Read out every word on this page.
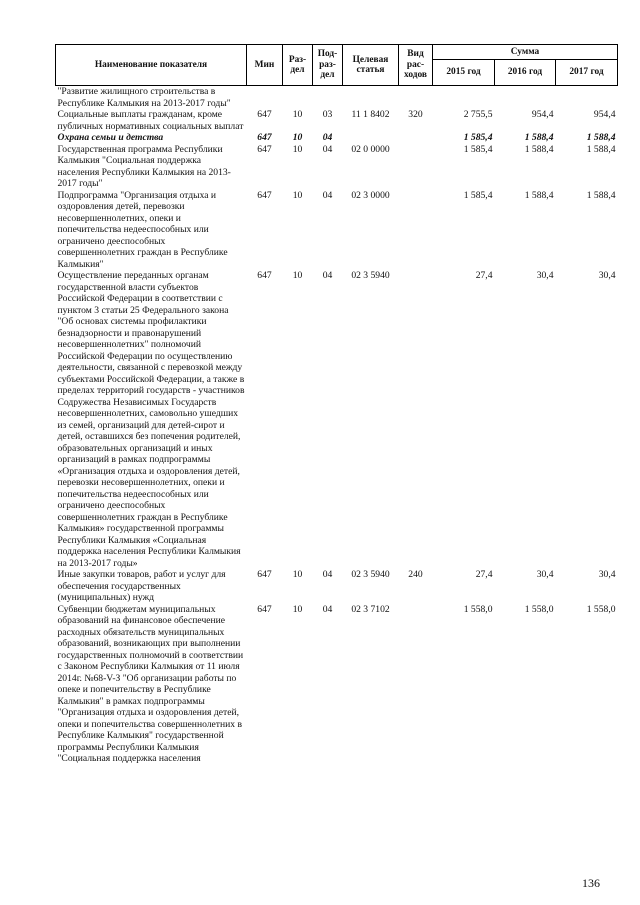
Наименование показателя	Мин	Раз-
дел	Под-
раз-
дел	Целевая
статья	Вид
рас-
ходов	Сумма		
						2015 год	2016 год	2017 год
"Развитие жилищного строительства в Республике Калмыкия на 2013-2017 годы"								
Социальные выплаты гражданам, кроме публичных нормативных социальных выплат	647	10	03	11 1 8402	320	2 755,5	954,4	954,4
Охрана семьи и детства	647	10	04			1 585,4	1 588,4	1 588,4
Государственная программа Республики Калмыкия "Социальная поддержка населения Республики Калмыкия на 2013-2017 годы"	647	10	04	02 0 0000		1 585,4	1 588,4	1 588,4
Подпрограмма "Организация отдыха и оздоровления детей, перевозки несовершеннолетних, опеки и попечительства недееспособных или ограничено дееспособных совершеннолетних граждан в Республике Калмыкия"	647	10	04	02 3 0000		1 585,4	1 588,4	1 588,4
Осуществление переданных органам государственной власти субъектов Российской Федерации в соответствии с пунктом 3 статьи 25 Федерального закона "Об основах системы профилактики безнадзорности и правонарушений несовершеннолетних" полномочий Российской Федерации по осуществлению деятельности, связанной с перевозкой между субъектами Российской Федерации, а также в пределах территорий государств - участников Содружества Независимых Государств несовершеннолетних, самовольно ушедших из семей, организаций для детей-сирот и детей, оставшихся без попечения родителей, образовательных организаций и иных организаций в рамках подпрограммы «Организация отдыха и оздоровления детей, перевозки несовершеннолетних, опеки и попечительства недееспособных или ограничено дееспособных совершеннолетних граждан в Республике Калмыкия» государственной программы Республики Калмыкия «Социальная поддержка населения Республики Калмыкия на 2013-2017 годы»	647	10	04	02 3 5940		27,4	30,4	30,4
Иные закупки товаров, работ и услуг для обеспечения государственных (муниципальных) нужд	647	10	04	02 3 5940	240	27,4	30,4	30,4
Субвенции бюджетам муниципальных образований на финансовое обеспечение расходных обязательств муниципальных образований, возникающих при выполнении государственных полномочий в соответствии с Законом Республики Калмыкия от 11 июля 2014г. №68-V-З "Об организации работы по опеке и попечительству в Республике Калмыкия" в рамках подпрограммы "Организация отдыха и оздоровления детей, опеки и попечительства совершеннолетних в Республике Калмыкия" государственной программы Республики Калмыкия "Социальная поддержка населения	647	10	04	02 3 7102		1 558,0	1 558,0	1 558,0
136
